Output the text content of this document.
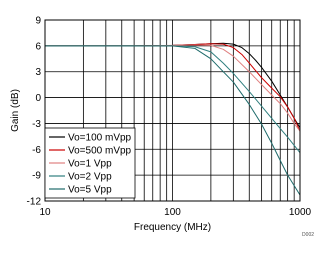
10	100	1000
-12
-9
-6
-3
0
3
6
9
Vo=100 mVpp
Vo=500 mVpp
Vo=1 Vpp
Vo=2 Vpp
Vo=5 Vpp
Frequency (MHz)
Gain (dB)
D002
